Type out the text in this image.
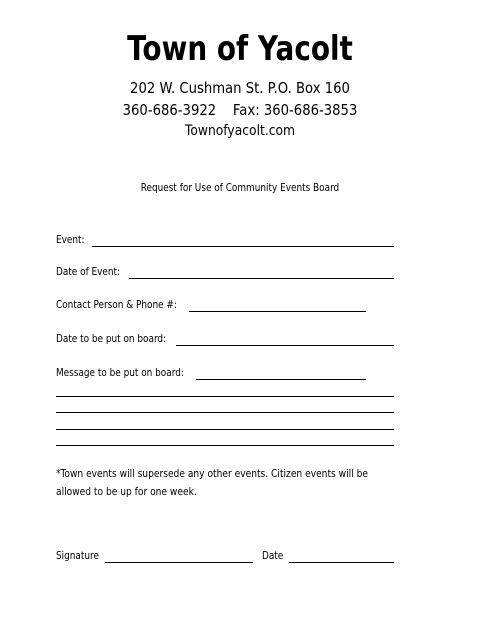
Town of Yacolt
202 W. Cushman St. P.O. Box 160
360-686-3922    Fax: 360-686-3853
Townofyacolt.com
Request for Use of Community Events Board
Event:
Date of Event:
Contact Person & Phone #:
Date to be put on board:
Message to be put on board:
*Town events will supersede any other events. Citizen events will be allowed to be up for one week.
Signature	Date
